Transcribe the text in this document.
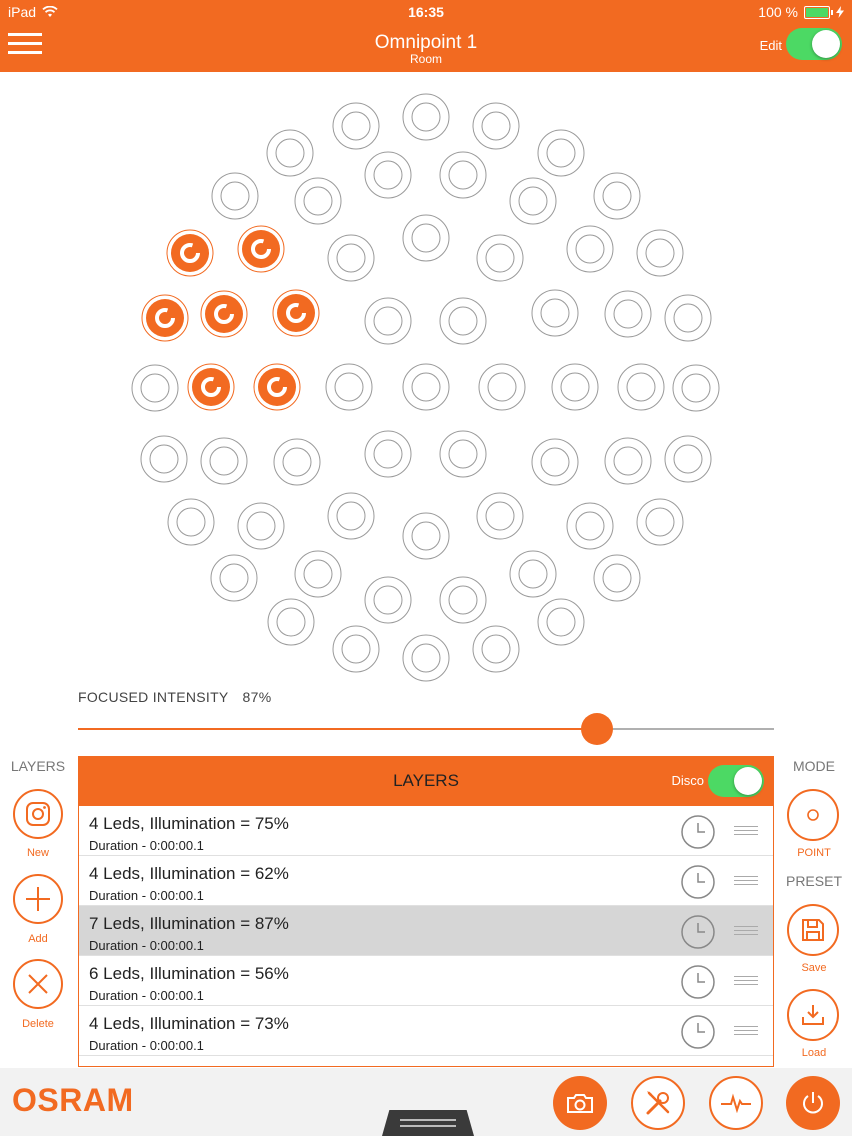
iPad	16:35	100 %
Omnipoint 1
Room
Edit
FOCUSED INTENSITY 87%
LAYERS
New
Add
Delete
LAYERS	Disco
4 Leds, Illumination = 75%
Duration - 0:00:00.1
4 Leds, Illumination = 62%
Duration - 0:00:00.1
7 Leds, Illumination = 87%
Duration - 0:00:00.1
6 Leds, Illumination = 56%
Duration - 0:00:00.1
4 Leds, Illumination = 73%
Duration - 0:00:00.1
MODE
POINT
PRESET
Save
Load
OSRAM
